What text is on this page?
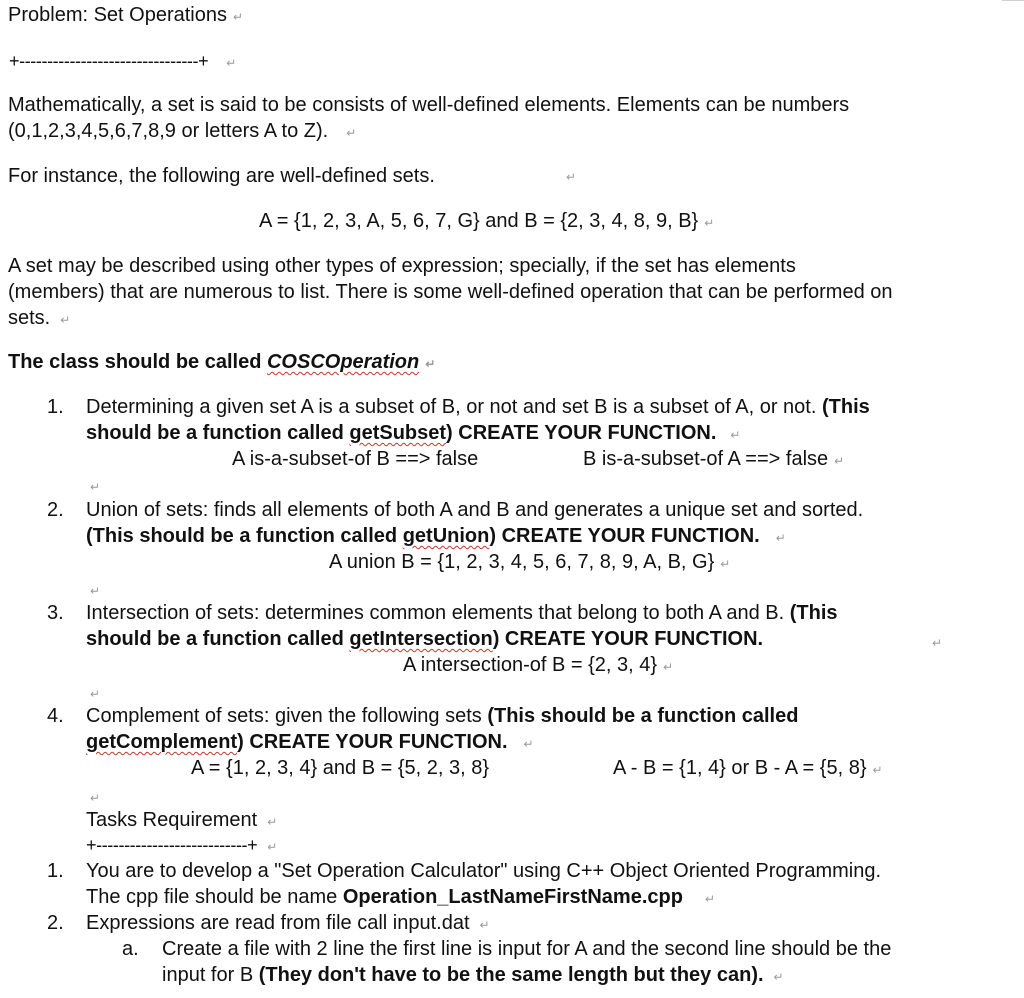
Problem: Set Operations ↵
+--------------------------------+ ↵
Mathematically, a set is said to be consists of well-defined elements. Elements can be numbers
(0,1,2,3,4,5,6,7,8,9 or letters A to Z). ↵
For instance, the following are well-defined sets.	↵
A = {1, 2, 3, A, 5, 6, 7, G} and B = {2, 3, 4, 8, 9, B} ↵
A set may be described using other types of expression; specially, if the set has elements
(members) that are numerous to list. There is some well-defined operation that can be performed on
sets. ↵
The class should be called COSCOperation ↵
1. Determining a given set A is a subset of B, or not and set B is a subset of A, or not. (This
should be a function called getSubset) CREATE YOUR FUNCTION. ↵
A is-a-subset-of B ==> false	B is-a-subset-of A ==> false ↵
↵
2. Union of sets: finds all elements of both A and B and generates a unique set and sorted.
(This should be a function called getUnion) CREATE YOUR FUNCTION. ↵
A union B = {1, 2, 3, 4, 5, 6, 7, 8, 9, A, B, G} ↵
↵
3. Intersection of sets: determines common elements that belong to both A and B. (This
should be a function called getIntersection) CREATE YOUR FUNCTION.	↵
A intersection-of B = {2, 3, 4} ↵
↵
4. Complement of sets: given the following sets (This should be a function called
getComplement) CREATE YOUR FUNCTION. ↵
A = {1, 2, 3, 4} and B = {5, 2, 3, 8}	A - B = {1, 4} or B - A = {5, 8} ↵
↵
Tasks Requirement ↵
+---------------------------+ ↵
1. You are to develop a "Set Operation Calculator" using C++ Object Oriented Programming.
The cpp file should be name Operation_LastNameFirstName.cpp ↵
2. Expressions are read from file call input.dat ↵
a. Create a file with 2 line the first line is input for A and the second line should be the
input for B (They don't have to be the same length but they can). ↵
